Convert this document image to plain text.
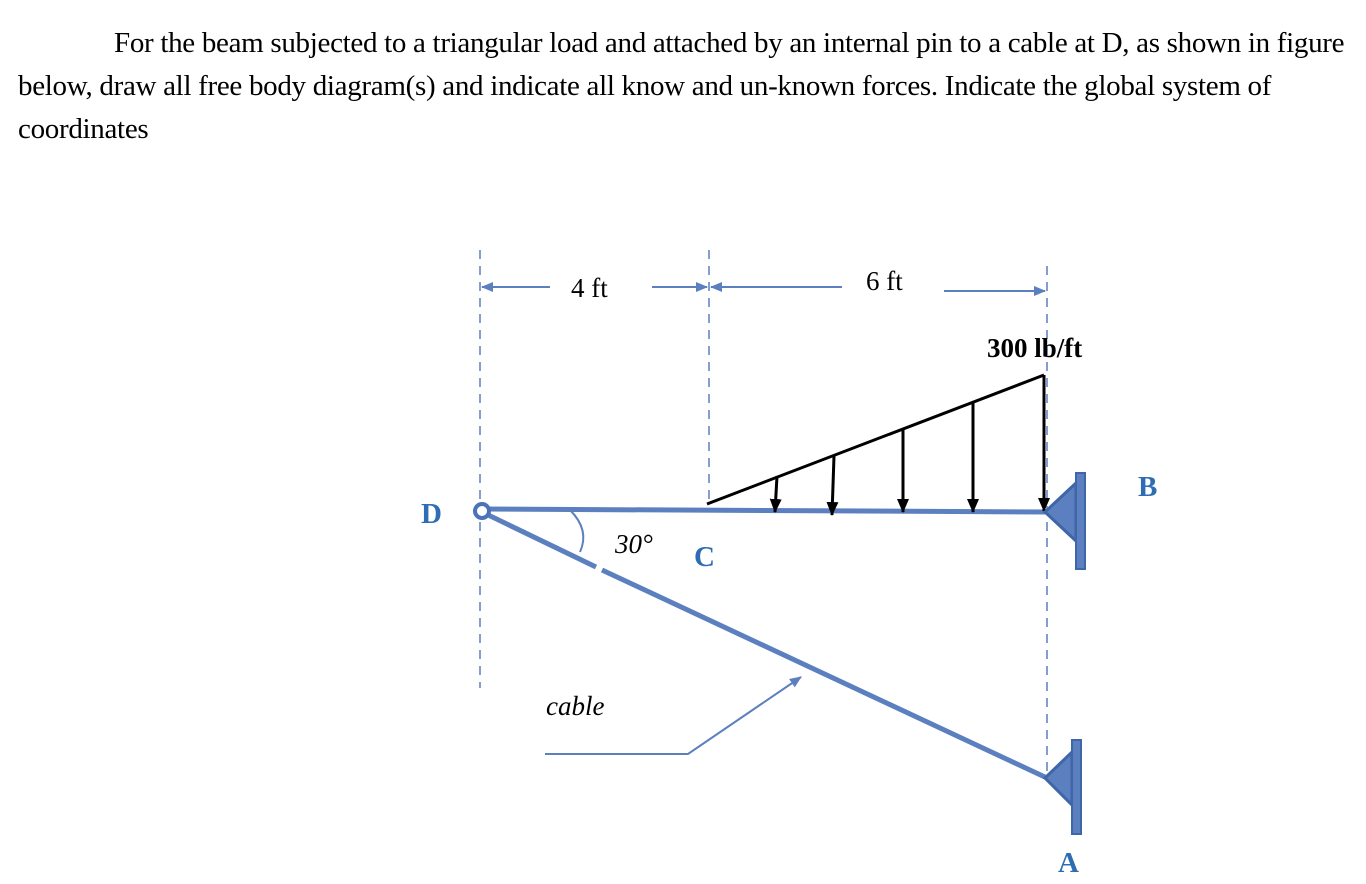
For the beam subjected to a triangular load and attached by an internal pin to a cable at D, as shown in figure below, draw all free body diagram(s) and indicate all know and un-known forces. Indicate the global system of coordinates

4 ft	6 ft
30°
300 lb/ft
cable
D
C
B
A
